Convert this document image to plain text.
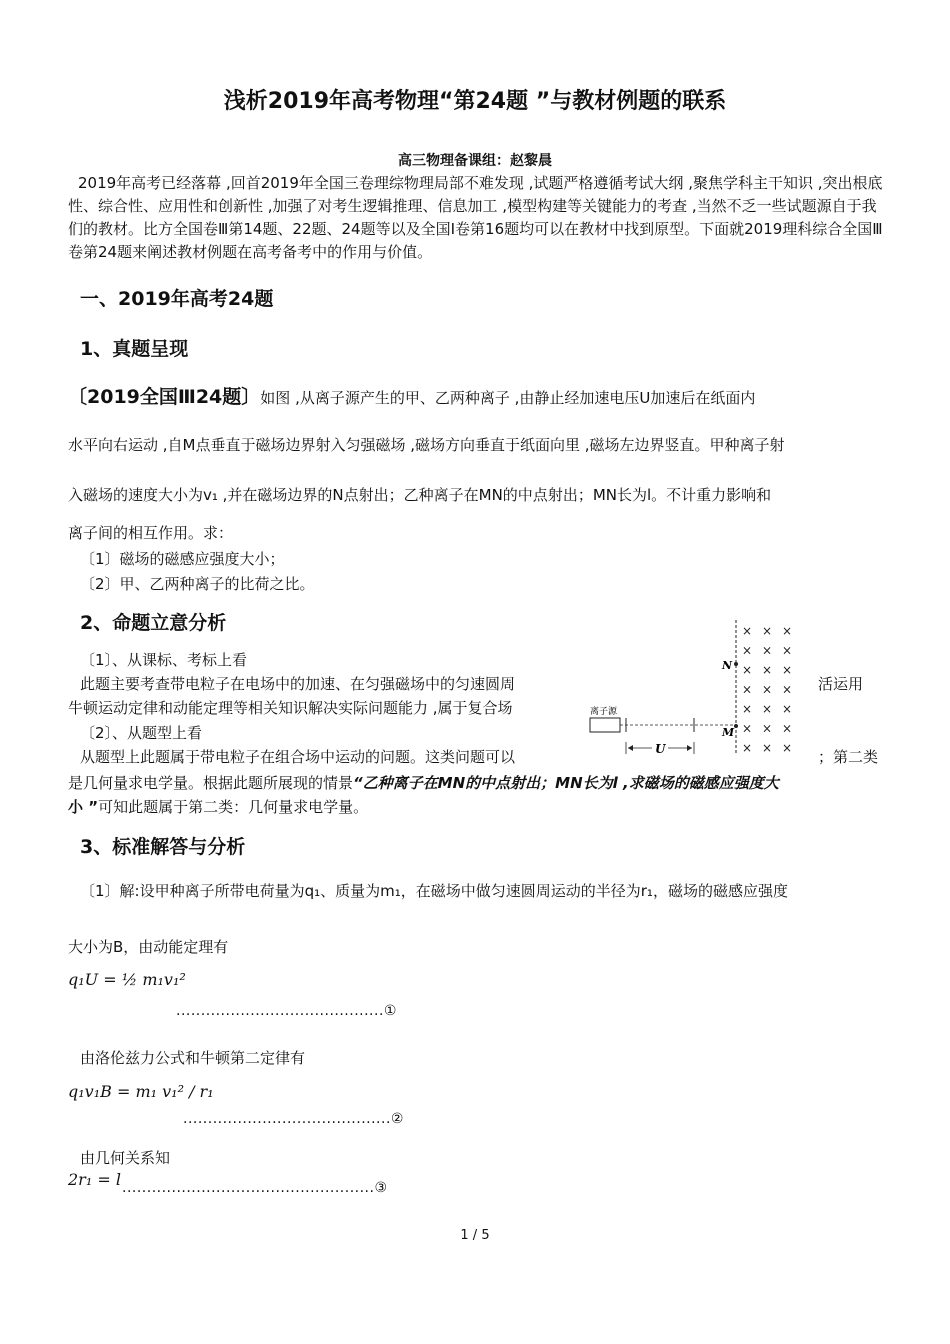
浅析2019年高考物理“第24题 ”与教材例题的联系
高三物理备课组：赵黎晨
2019年高考已经落幕 ,回首2019年全国三卷理综物理局部不难发现 ,试题严格遵循考试大纲 ,聚焦学科主干知识 ,突出根底性、综合性、应用性和创新性 ,加强了对考生逻辑推理、信息加工 ,模型构建等关键能力的考查 ,当然不乏一些试题源自于我们的教材。比方全国卷Ⅲ第14题、22题、24题等以及全国Ⅰ卷第16题均可以在教材中找到原型。下面就2019理科综合全国Ⅲ卷第24题来阐述教材例题在高考备考中的作用与价值。
一、2019年高考24题
1、真题呈现
〔2019全国Ⅲ24题〕如图 ,从离子源产生的甲、乙两种离子 ,由静止经加速电压U加速后在纸面内
水平向右运动 ,自M点垂直于磁场边界射入匀强磁场 ,磁场方向垂直于纸面向里 ,磁场左边界竖直。甲种离子射
入磁场的速度大小为v₁ ,并在磁场边界的N点射出；乙种离子在MN的中点射出；MN长为l。不计重力影响和
离子间的相互作用。求：
〔1〕磁场的磁感应强度大小；
〔2〕甲、乙两种离子的比荷之比。
2、命题立意分析
〔1〕、从课标、考标上看
此题主要考查带电粒子在电场中的加速、在匀强磁场中的匀速圆周	活运用
牛顿运动定律和动能定理等相关知识解决实际问题能力 ,属于复合场
〔2〕、从题型上看
从题型上此题属于带电粒子在组合场中运动的问题。这类问题可以	；第二类
是几何量求电学量。根据此题所展现的情景“乙种离子在MN的中点射出；MN长为l ,求磁场的磁感应强度大
小 ”可知此题属于第二类：几何量求电学量。
× × ×
× × ×
× × ×
× × ×
× × ×
× × ×
× × ×
N
M
离子源
U
3、标准解答与分析
〔1〕解:设甲种离子所带电荷量为q₁、质量为m₁，在磁场中做匀速圆周运动的半径为r₁，磁场的磁感应强度
大小为B，由动能定理有
q₁U = ½ m₁v₁²
..........................................①
由洛伦兹力公式和牛顿第二定律有
q₁v₁B = m₁ v₁² / r₁
..........................................②
由几何关系知
2r₁ = l ...................................................③
1 / 5
